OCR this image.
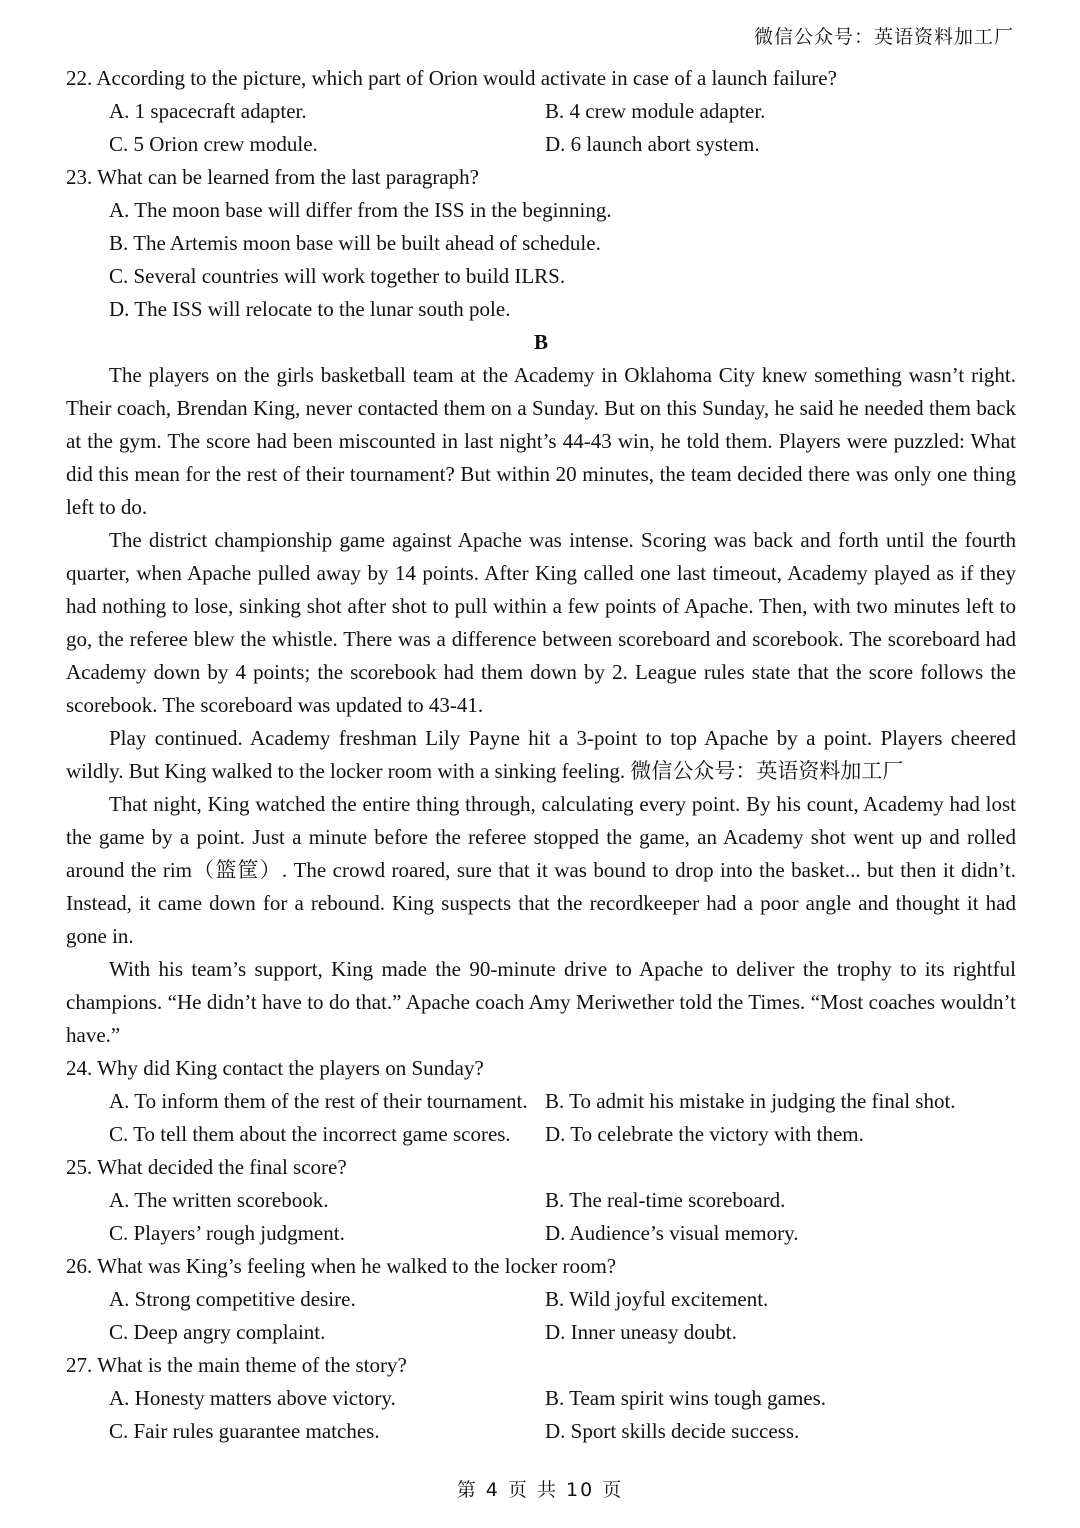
微信公众号：英语资料加工厂
22. According to the picture, which part of Orion would activate in case of a launch failure?
A. 1 spacecraft adapter.	B. 4 crew module adapter.
C. 5 Orion crew module.	D. 6 launch abort system.
23. What can be learned from the last paragraph?
A. The moon base will differ from the ISS in the beginning.
B. The Artemis moon base will be built ahead of schedule.
C. Several countries will work together to build ILRS.
D. The ISS will relocate to the lunar south pole.
B

The players on the girls basketball team at the Academy in Oklahoma City knew something wasn’t right. Their coach, Brendan King, never contacted them on a Sunday. But on this Sunday, he said he needed them back at the gym. The score had been miscounted in last night’s 44-43 win, he told them. Players were puzzled: What did this mean for the rest of their tournament? But within 20 minutes, the team decided there was only one thing left to do.

The district championship game against Apache was intense. Scoring was back and forth until the fourth quarter, when Apache pulled away by 14 points. After King called one last timeout, Academy played as if they had nothing to lose, sinking shot after shot to pull within a few points of Apache. Then, with two minutes left to go, the referee blew the whistle. There was a difference between scoreboard and scorebook. The scoreboard had Academy down by 4 points; the scorebook had them down by 2. League rules state that the score follows the scorebook. The scoreboard was updated to 43-41.

Play continued. Academy freshman Lily Payne hit a 3-point to top Apache by a point. Players cheered wildly. But King walked to the locker room with a sinking feeling. 微信公众号：英语资料加工厂

That night, King watched the entire thing through, calculating every point. By his count, Academy had lost the game by a point. Just a minute before the referee stopped the game, an Academy shot went up and rolled around the rim（篮筐）. The crowd roared, sure that it was bound to drop into the basket... but then it didn’t. Instead, it came down for a rebound. King suspects that the recordkeeper had a poor angle and thought it had gone in.

With his team’s support, King made the 90-minute drive to Apache to deliver the trophy to its rightful champions. “He didn’t have to do that.” Apache coach Amy Meriwether told the Times. “Most coaches wouldn’t have.”

24. Why did King contact the players on Sunday?
A. To inform them of the rest of their tournament. B. To admit his mistake in judging the final shot.
C. To tell them about the incorrect game scores.	D. To celebrate the victory with them.
25. What decided the final score?
A. The written scorebook.	B. The real-time scoreboard.
C. Players’ rough judgment.	D. Audience’s visual memory.
26. What was King’s feeling when he walked to the locker room?
A. Strong competitive desire.	B. Wild joyful excitement.
C. Deep angry complaint.	D. Inner uneasy doubt.
27. What is the main theme of the story?
A. Honesty matters above victory.	B. Team spirit wins tough games.
C. Fair rules guarantee matches.	D. Sport skills decide success.
第 4 页 共 10 页
